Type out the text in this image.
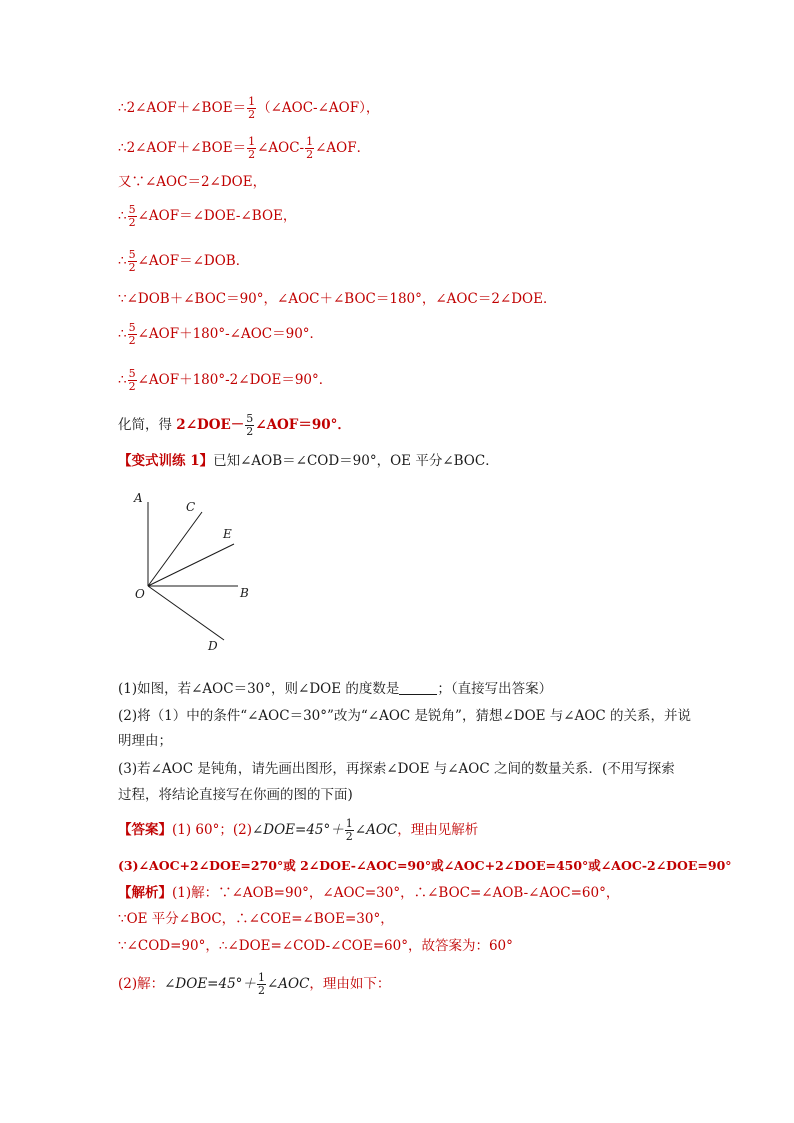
∴2∠AOF＋∠BOE＝ $\frac{1}{2}$ （∠AOC-∠AOF），
∴2∠AOF＋∠BOE＝ $\frac{1}{2}$ ∠AOC- $\frac{1}{2}$ ∠AOF．
又∵∠AOC＝2∠DOE，
∴ $\frac{5}{2}$ ∠AOF＝∠DOE-∠BOE，
∴ $\frac{5}{2}$ ∠AOF＝∠DOB．
∵∠DOB＋∠BOC＝90°，∠AOC＋∠BOC＝180°，∠AOC＝2∠DOE．
∴ $\frac{5}{2}$ ∠AOF＋180°-∠AOC＝90°．
∴ $\frac{5}{2}$ ∠AOF＋180°-2∠DOE＝90°．
化简，得 2∠DOE－ $\frac{5}{2}$ ∠AOF＝90°．
【变式训练 1】已知∠AOB＝∠COD＝90°，OE 平分∠BOC．
(1)如图，若∠AOC＝30°，则∠DOE 的度数是	；（直接写出答案）
(2)将（1）中的条件“∠AOC＝30°”改为“∠AOC 是锐角”，猜想∠DOE 与∠AOC 的关系，并说
明理由；
(3)若∠AOC 是钝角，请先画出图形，再探索∠DOE 与∠AOC 之间的数量关系．(不用写探索
过程，将结论直接写在你画的图的下面)
【答案】(1) 60°；(2)∠DOE=45°＋ $\frac{1}{2}$ ∠AOC，理由见解析
(3)∠AOC+2∠DOE=270°或 2∠DOE-∠AOC=90°或∠AOC+2∠DOE=450°或∠AOC-2∠DOE=90°
【解析】(1)解：∵∠AOB=90°，∠AOC=30°，∴∠BOC=∠AOB-∠AOC=60°，
∵OE 平分∠BOC，∴∠COE=∠BOE=30°，
∵∠COD=90°，∴∠DOE=∠COD-∠COE=60°，故答案为：60°
(2)解：∠DOE=45°＋ $\frac{1}{2}$ ∠AOC，理由如下：
A
C
E
O	B
D
